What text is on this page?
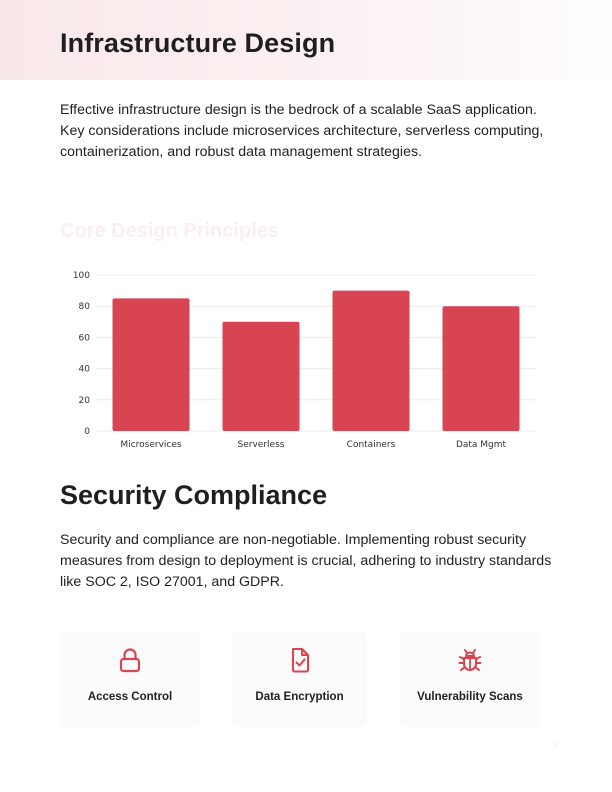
Infrastructure Design

Effective infrastructure design is the bedrock of a scalable SaaS application. Key considerations include microservices architecture, serverless computing, containerization, and robust data management strategies.

Core Design Principles
0
20
40
60
80
100
Microservices	Serverless	Containers	Data Mgmt
Security Compliance

Security and compliance are non-negotiable. Implementing robust security measures from design to deployment is crucial, adhering to industry standards like SOC 2, ISO 27001, and GDPR.

Access Control	Data Encryption	Vulnerability Scans
3
